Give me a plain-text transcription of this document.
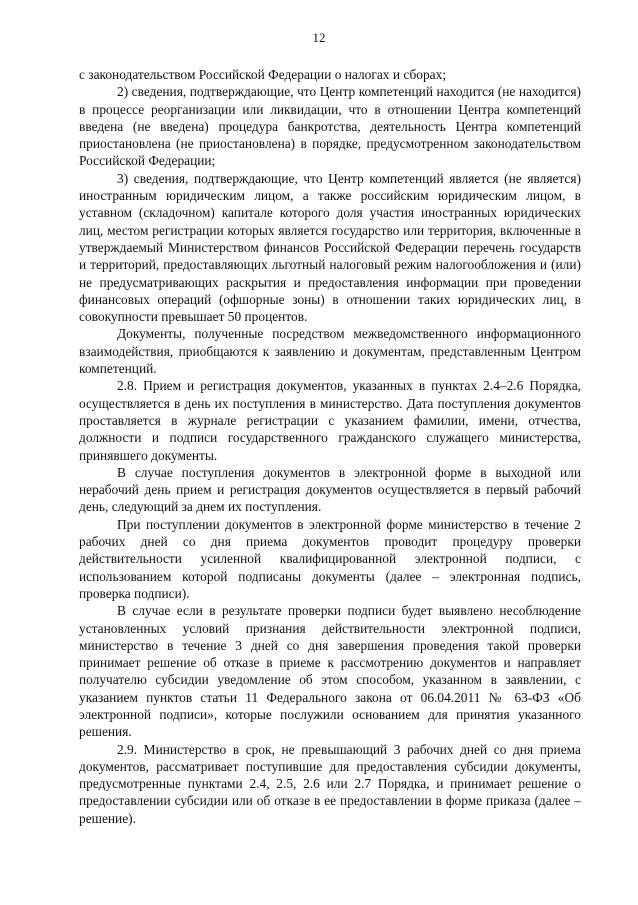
12

с законодательством Российской Федерации о налогах и сборах;

2) сведения, подтверждающие, что Центр компетенций находится (не находится) в процессе реорганизации или ликвидации, что в отношении Центра компетенций введена (не введена) процедура банкротства, деятельность Центра компетенций приостановлена (не приостановлена) в порядке, предусмотренном законодательством Российской Федерации;

3) сведения, подтверждающие, что Центр компетенций является (не является) иностранным юридическим лицом, а также российским юридическим лицом, в уставном (складочном) капитале которого доля участия иностранных юридических лиц, местом регистрации которых является государство или территория, включенные в утверждаемый Министерством финансов Российской Федерации перечень государств и территорий, предоставляющих льготный налоговый режим налогообложения и (или) не предусматривающих раскрытия и предоставления информации при проведении финансовых операций (офшорные зоны) в отношении таких юридических лиц, в совокупности превышает 50 процентов.

Документы, полученные посредством межведомственного информационного взаимодействия, приобщаются к заявлению и документам, представленным Центром компетенций.

2.8. Прием и регистрация документов, указанных в пунктах 2.4–2.6 Порядка, осуществляется в день их поступления в министерство. Дата поступления документов проставляется в журнале регистрации с указанием фамилии, имени, отчества, должности и подписи государственного гражданского служащего министерства, принявшего документы.

В случае поступления документов в электронной форме в выходной или нерабочий день прием и регистрация документов осуществляется в первый рабочий день, следующий за днем их поступления.

При поступлении документов в электронной форме министерство в течение 2 рабочих дней со дня приема документов проводит процедуру проверки действительности усиленной квалифицированной электронной подписи, с использованием которой подписаны документы (далее – электронная подпись, проверка подписи).

В случае если в результате проверки подписи будет выявлено несоблюдение установленных условий признания действительности электронной подписи, министерство в течение 3 дней со дня завершения проведения такой проверки принимает решение об отказе в приеме к рассмотрению документов и направляет получателю субсидии уведомление об этом способом, указанном в заявлении, с указанием пунктов статьи 11 Федерального закона от 06.04.2011 № 63-ФЗ «Об электронной подписи», которые послужили основанием для принятия указанного решения.

2.9. Министерство в срок, не превышающий 3 рабочих дней со дня приема документов, рассматривает поступившие для предоставления субсидии документы, предусмотренные пунктами 2.4, 2.5, 2.6 или 2.7 Порядка, и принимает решение о предоставлении субсидии или об отказе в ее предоставлении в форме приказа (далее – решение).
